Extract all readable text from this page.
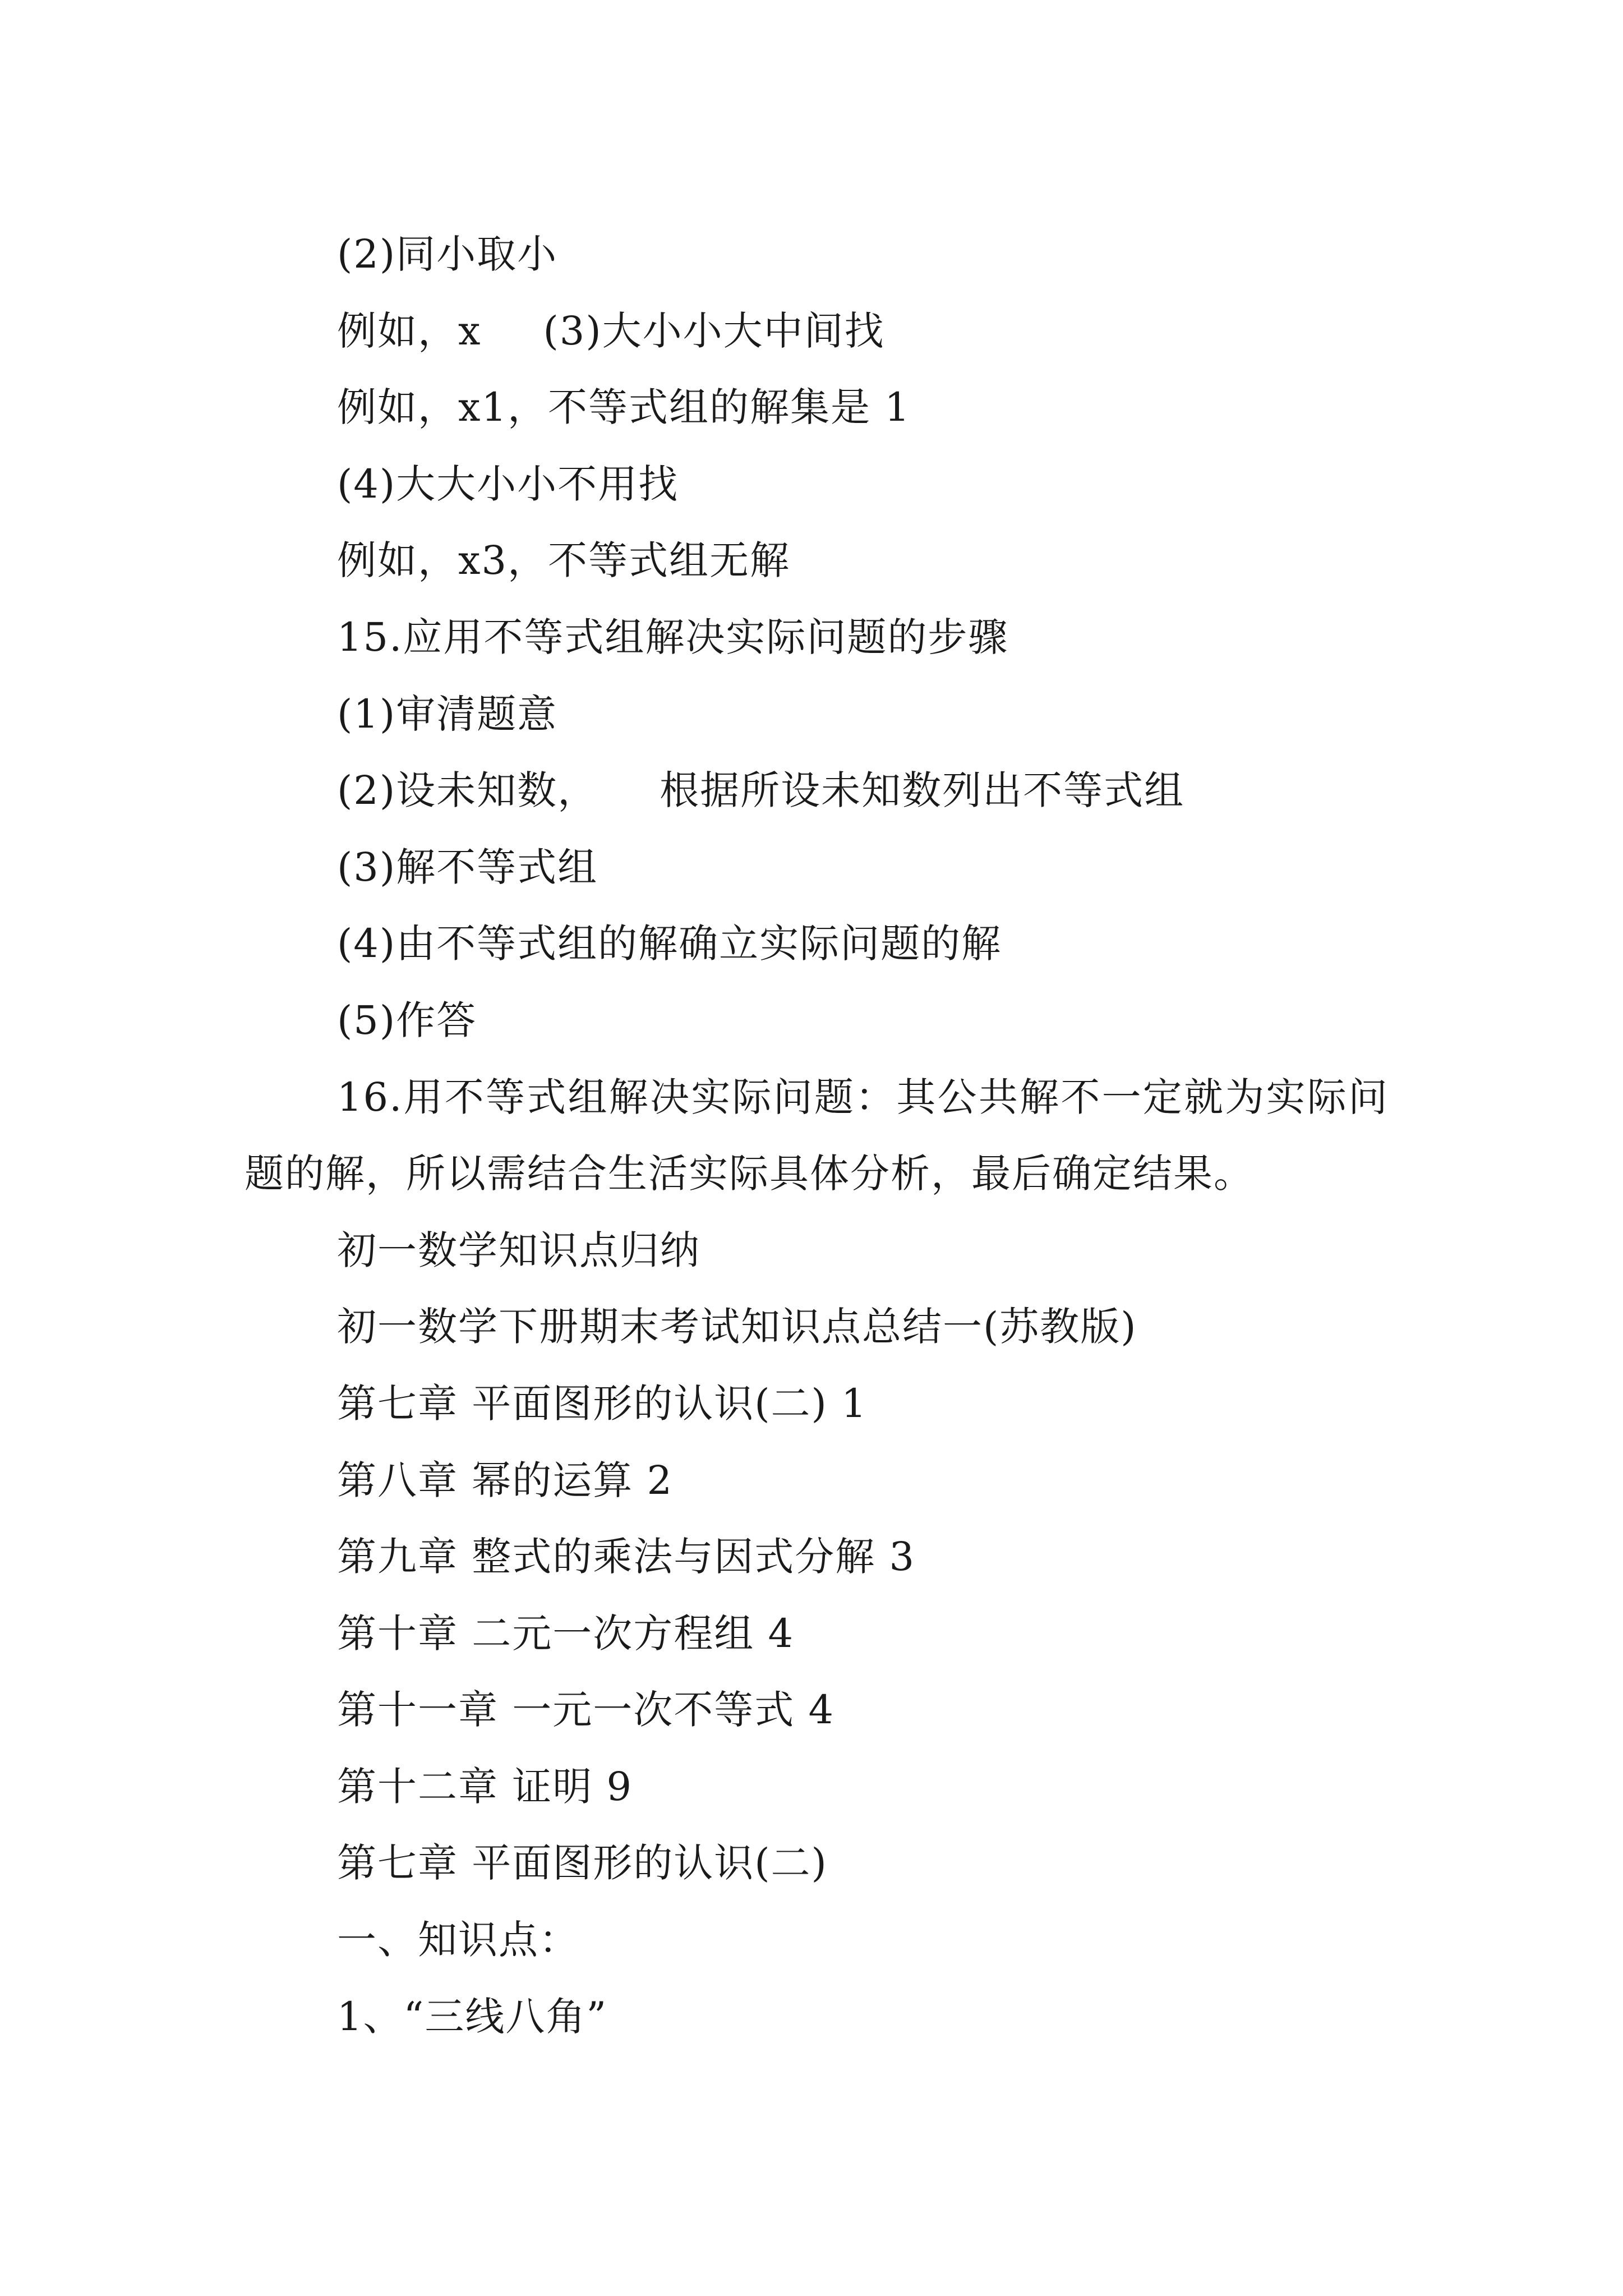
(2)同小取小

例如，x (3)大小小大中间找

例如，x1，不等式组的解集是 1

(4)大大小小不用找

例如，x3，不等式组无解

15.应用不等式组解决实际问题的步骤

(1)审清题意

(2)设未知数， 根据所设未知数列出不等式组

(3)解不等式组

(4)由不等式组的解确立实际问题的解

(5)作答

16.用不等式组解决实际问题：其公共解不一定就为实际问题的解，所以需结合生活实际具体分析，最后确定结果。

初一数学知识点归纳

初一数学下册期末考试知识点总结一(苏教版)

第七章 平面图形的认识(二) 1

第八章 幂的运算 2

第九章 整式的乘法与因式分解 3

第十章 二元一次方程组 4

第十一章 一元一次不等式 4

第十二章 证明 9

第七章 平面图形的认识(二)

一、知识点：

1、“三线八角”
